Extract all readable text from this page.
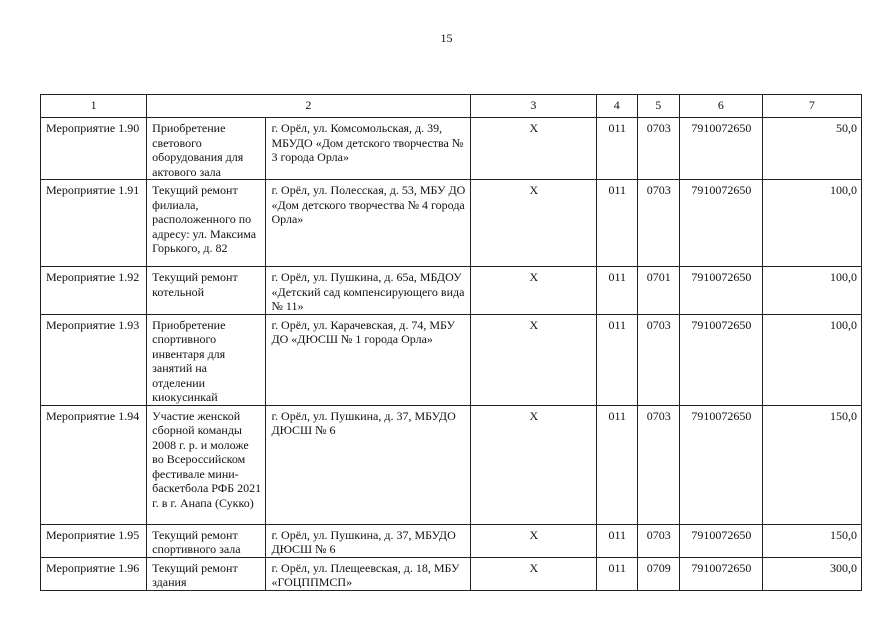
15
1	2		3	4	5	6	7
Мероприятие 1.90	Приобретение светового оборудования для актового зала	г. Орёл, ул. Комсомольская, д. 39, МБУДО «Дом детского творчества № 3 города Орла»	X	011	0703	7910072650	50,0
Мероприятие 1.91	Текущий ремонт филиала, расположенного по адресу: ул. Максима Горького, д. 82	г. Орёл, ул. Полесская, д. 53, МБУ ДО «Дом детского творчества № 4 города Орла»	X	011	0703	7910072650	100,0
Мероприятие 1.92	Текущий ремонт котельной	г. Орёл, ул. Пушкина, д. 65а, МБДОУ «Детский сад компенсирующего вида № 11»	X	011	0701	7910072650	100,0
Мероприятие 1.93	Приобретение спортивного инвентаря для занятий на отделении киокусинкай	г. Орёл, ул. Карачевская, д. 74, МБУ ДО «ДЮСШ № 1 города Орла»	X	011	0703	7910072650	100,0
Мероприятие 1.94	Участие женской сборной команды 2008 г. р. и моложе во Всероссийском фестивале мини-баскетбола РФБ 2021 г. в г. Анапа (Сукко)	г. Орёл, ул. Пушкина, д. 37, МБУДО ДЮСШ № 6	X	011	0703	7910072650	150,0
Мероприятие 1.95	Текущий ремонт спортивного зала	г. Орёл, ул. Пушкина, д. 37, МБУДО ДЮСШ № 6	X	011	0703	7910072650	150,0
Мероприятие 1.96	Текущий ремонт здания	г. Орёл, ул. Плещеевская, д. 18, МБУ «ГОЦППМСП»	X	011	0709	7910072650	300,0
